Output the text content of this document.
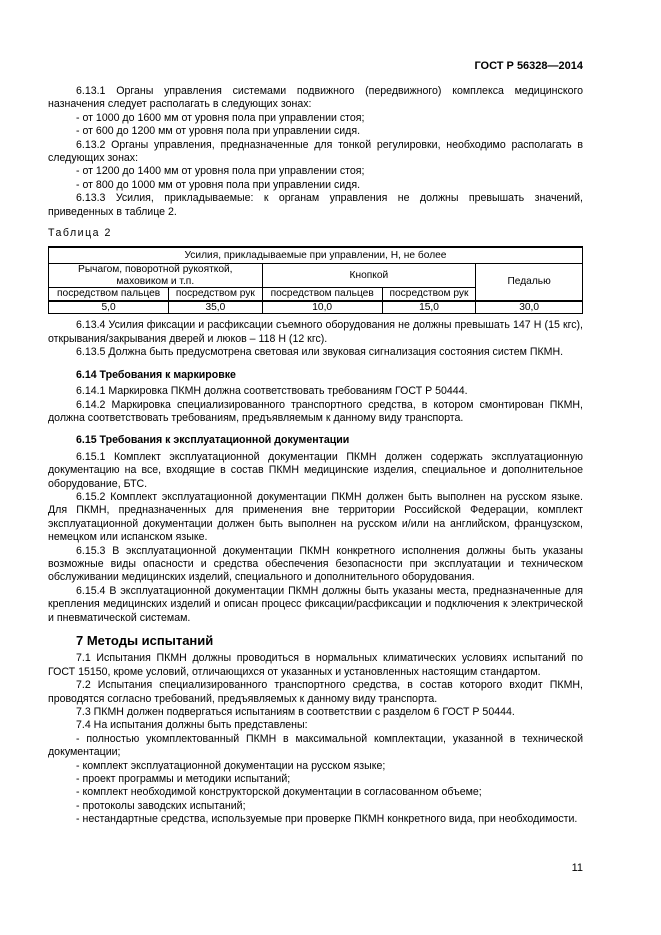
ГОСТ Р 56328—2014

6.13.1 Органы управления системами подвижного (передвижного) комплекса медицинского назначения следует располагать в следующих зонах:

- от 1000 до 1600 мм от уровня пола при управлении стоя;

- от 600 до 1200 мм от уровня пола при управлении сидя.

6.13.2 Органы управления, предназначенные для тонкой регулировки, необходимо располагать в следующих зонах:

- от 1200 до 1400 мм от уровня пола при управлении стоя;

- от 800 до 1000 мм от уровня пола при управлении сидя.

6.13.3 Усилия, прикладываемые: к органам управления не должны превышать значений, приведенных в таблице 2.

Таблица 2

Усилия, прикладываемые при управлении, Н, не более				
Рычагом, поворотной рукояткой, маховиком и т.п.		Кнопкой		Педалью
посредством пальцев	посредством рук	посредством пальцев	посредством рук	
5,0	35,0	10,0	15,0	30,0

6.13.4 Усилия фиксации и расфиксации съемного оборудования не должны превышать 147 Н (15 кгс), открывания/закрывания дверей и люков – 118 Н (12 кгс).

6.13.5 Должна быть предусмотрена световая или звуковая сигнализация состояния систем ПКМН.

6.14 Требования к маркировке

6.14.1 Маркировка ПКМН должна соответствовать требованиям ГОСТ Р 50444.

6.14.2 Маркировка специализированного транспортного средства, в котором смонтирован ПКМН, должна соответствовать требованиям, предъявляемым к данному виду транспорта.

6.15 Требования к эксплуатационной документации

6.15.1 Комплект эксплуатационной документации ПКМН должен содержать эксплуатационную документацию на все, входящие в состав ПКМН медицинские изделия, специальное и дополнительное оборудование, БТС.

6.15.2 Комплект эксплуатационной документации ПКМН должен быть выполнен на русском языке. Для ПКМН, предназначенных для применения вне территории Российской Федерации, комплект эксплуатационной документации должен быть выполнен на русском и/или на английском, французском, немецком или испанском языке.

6.15.3 В эксплуатационной документации ПКМН конкретного исполнения должны быть указаны возможные виды опасности и средства обеспечения безопасности при эксплуатации и техническом обслуживании медицинских изделий, специального и дополнительного оборудования.

6.15.4 В эксплуатационной документации ПКМН должны быть указаны места, предназначенные для крепления медицинских изделий и описан процесс фиксации/расфиксации и подключения к электрической и пневматической системам.

7 Методы испытаний

7.1 Испытания ПКМН должны проводиться в нормальных климатических условиях испытаний по ГОСТ 15150, кроме условий, отличающихся от указанных и установленных настоящим стандартом.

7.2 Испытания специализированного транспортного средства, в состав которого входит ПКМН, проводятся согласно требований, предъявляемых к данному виду транспорта.

7.3 ПКМН должен подвергаться испытаниям в соответствии с разделом 6 ГОСТ Р 50444.

7.4 На испытания должны быть представлены:

- полностью укомплектованный ПКМН в максимальной комплектации, указанной в технической документации;

- комплект эксплуатационной документации на русском языке;

- проект программы и методики испытаний;

- комплект необходимой конструкторской документации в согласованном объеме;

- протоколы заводских испытаний;

- нестандартные средства, используемые при проверке ПКМН конкретного вида, при необходимости.

11
